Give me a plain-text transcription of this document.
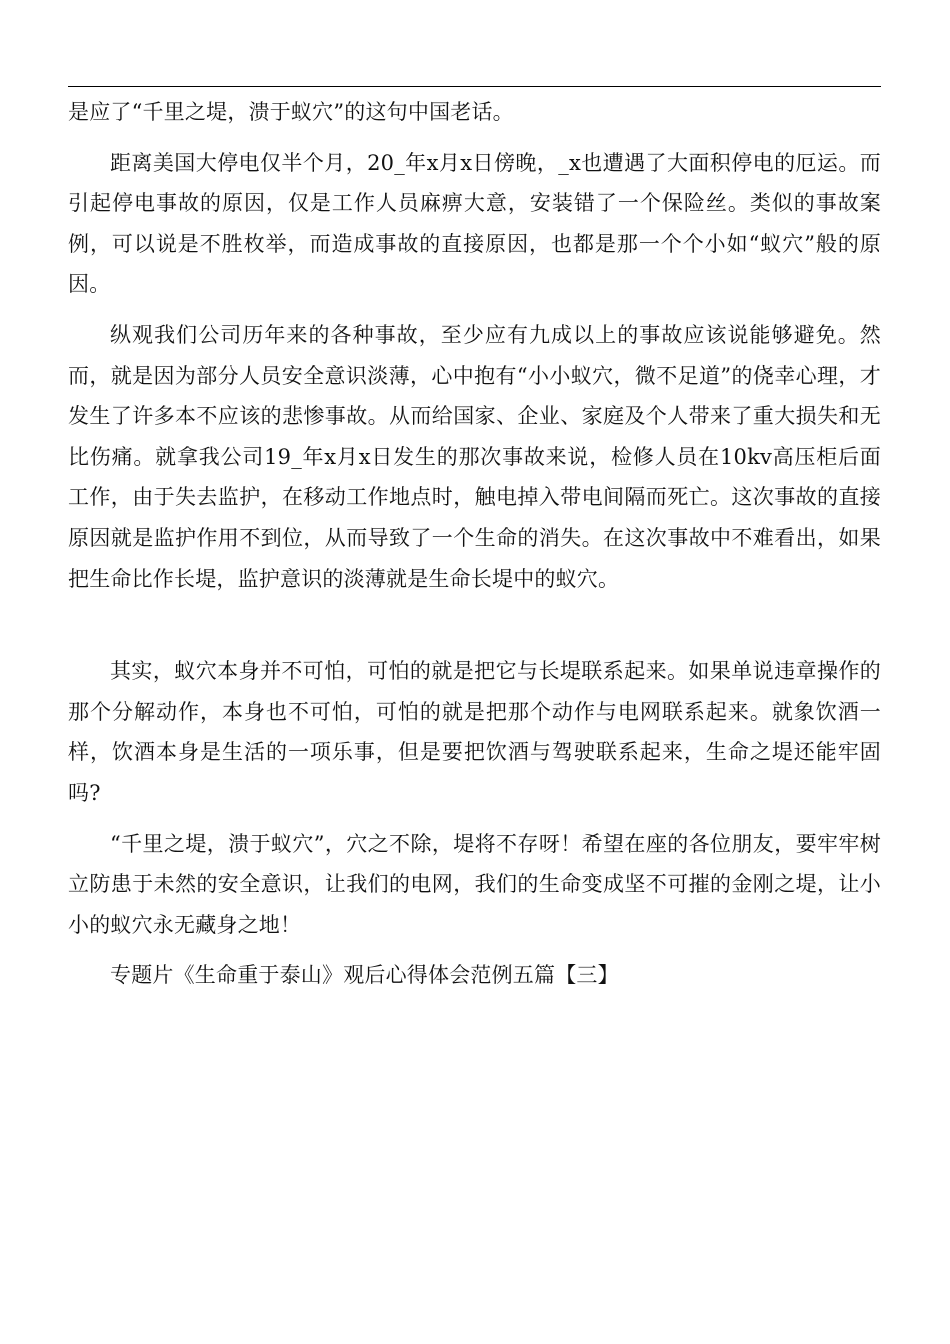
是应了“千里之堤，溃于蚁穴”的这句中国老话。

距离美国大停电仅半个月，20_年x月x日傍晚，_x也遭遇了大面积停电的厄运。而引起停电事故的原因，仅是工作人员麻痹大意，安装错了一个保险丝。类似的事故案例，可以说是不胜枚举，而造成事故的直接原因，也都是那一个个小如“蚁穴”般的原因。

纵观我们公司历年来的各种事故，至少应有九成以上的事故应该说能够避免。然而，就是因为部分人员安全意识淡薄，心中抱有“小小蚁穴，微不足道”的侥幸心理，才发生了许多本不应该的悲惨事故。从而给国家、企业、家庭及个人带来了重大损失和无比伤痛。就拿我公司19_年x月x日发生的那次事故来说，检修人员在10kv高压柜后面工作，由于失去监护，在移动工作地点时，触电掉入带电间隔而死亡。这次事故的直接原因就是监护作用不到位，从而导致了一个生命的消失。在这次事故中不难看出，如果把生命比作长堤，监护意识的淡薄就是生命长堤中的蚁穴。

其实，蚁穴本身并不可怕，可怕的就是把它与长堤联系起来。如果单说违章操作的那个分解动作，本身也不可怕，可怕的就是把那个动作与电网联系起来。就象饮酒一样，饮酒本身是生活的一项乐事，但是要把饮酒与驾驶联系起来，生命之堤还能牢固吗?

“千里之堤，溃于蚁穴”，穴之不除，堤将不存呀！希望在座的各位朋友，要牢牢树立防患于未然的安全意识，让我们的电网，我们的生命变成坚不可摧的金刚之堤，让小小的蚁穴永无藏身之地！

专题片《生命重于泰山》观后心得体会范例五篇【三】
